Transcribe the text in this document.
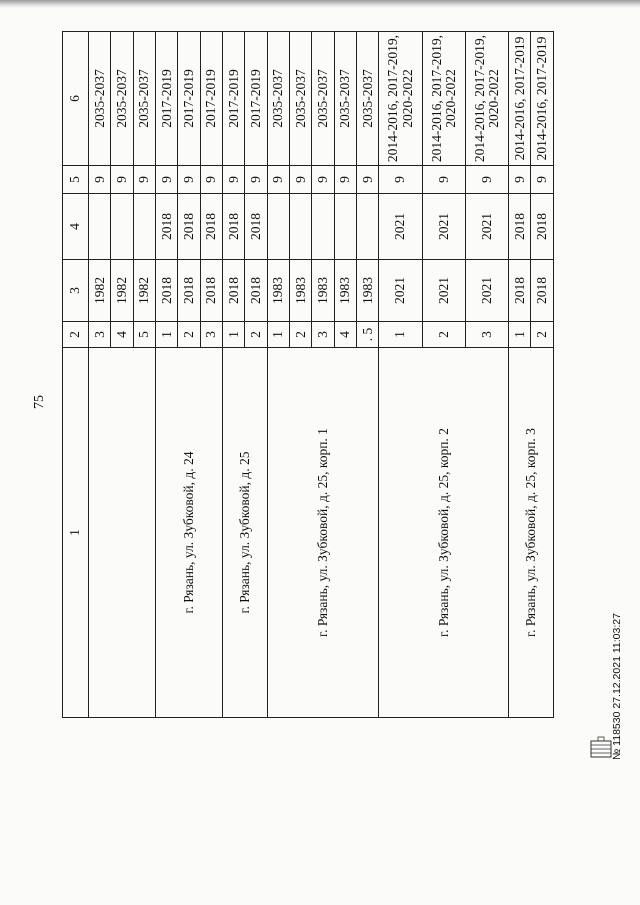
75
1	2	3	4	5	6
	3	1982		9	2035-2037
	4	1982		9	2035-2037
	5	1982		9	2035-2037
г. Рязань, ул. Зубковой, д. 24	1	2018	2018	9	2017-2019
	2	2018	2018	9	2017-2019
	3	2018	2018	9	2017-2019
г. Рязань, ул. Зубковой, д. 25	1	2018	2018	9	2017-2019
	2	2018	2018	9	2017-2019
г. Рязань, ул. Зубковой, д. 25, корп. 1	1	1983		9	2035-2037
	2	1983		9	2035-2037
	3	1983		9	2035-2037
	4	1983		9	2035-2037
	. 5	1983		9	2035-2037
г. Рязань, ул. Зубковой, д. 25, корп. 2	1	2021	2021	9	2014-2016, 2017-2019, 2020-2022
	2	2021	2021	9	2014-2016, 2017-2019, 2020-2022
	3	2021	2021	9	2014-2016, 2017-2019, 2020-2022
г. Рязань, ул. Зубковой, д. 25, корп. 3	1	2018	2018	9	2014-2016, 2017-2019
	2	2018	2018	9	2014-2016, 2017-2019
№ 118530 27.12.2021 11:03:27
